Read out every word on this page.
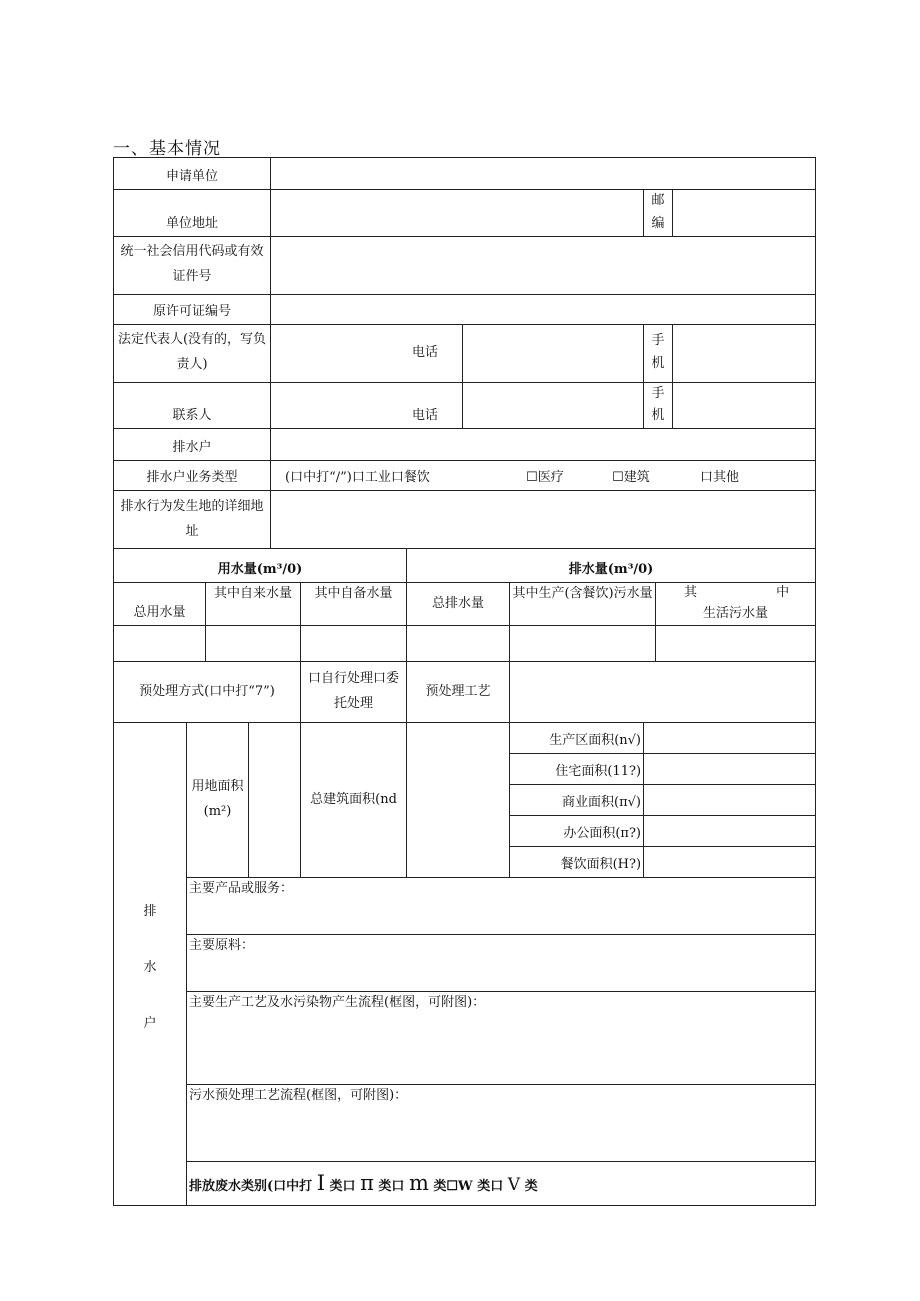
一、基本情况
申请单位											
单位地址									邮编		
统一社会信用代码或有效证件号											
原许可证编号											
法定代表人(没有的，写负责人)				电话					手机		
联系人				电话					手机		
排水户											
排水户业务类型				(口中打“/”)口工业口餐饮 ☐医疗 ☐建筑 口其他							
排水行为发生地的详细地址											
用水量(m³/0)						排水量(m³/0)					
总用水量		其中自来水量			其中自备水量	总排水量		其中生产(含餐饮)污水量		其 中
生活污水量	

预处理方式(口中打“7”)					口自行处理口委托处理	预处理工艺					

排
水
户	用地面积(m²)				总建筑面积(nd			生产区面积(n√)			
								住宅面积(11?)			
								商业面积(π√)			
								办公面积(π?)			
								餐饮面积(H?)			
	主要产品或服务：										
	主要原料：										
	主要生产工艺及水污染物产生流程(框图，可附图)：										
	污水预处理工艺流程(框图，可附图)：										
	排放废水类别(口中打 I 类口 π 类口 m 类☐W 类口 V 类										
